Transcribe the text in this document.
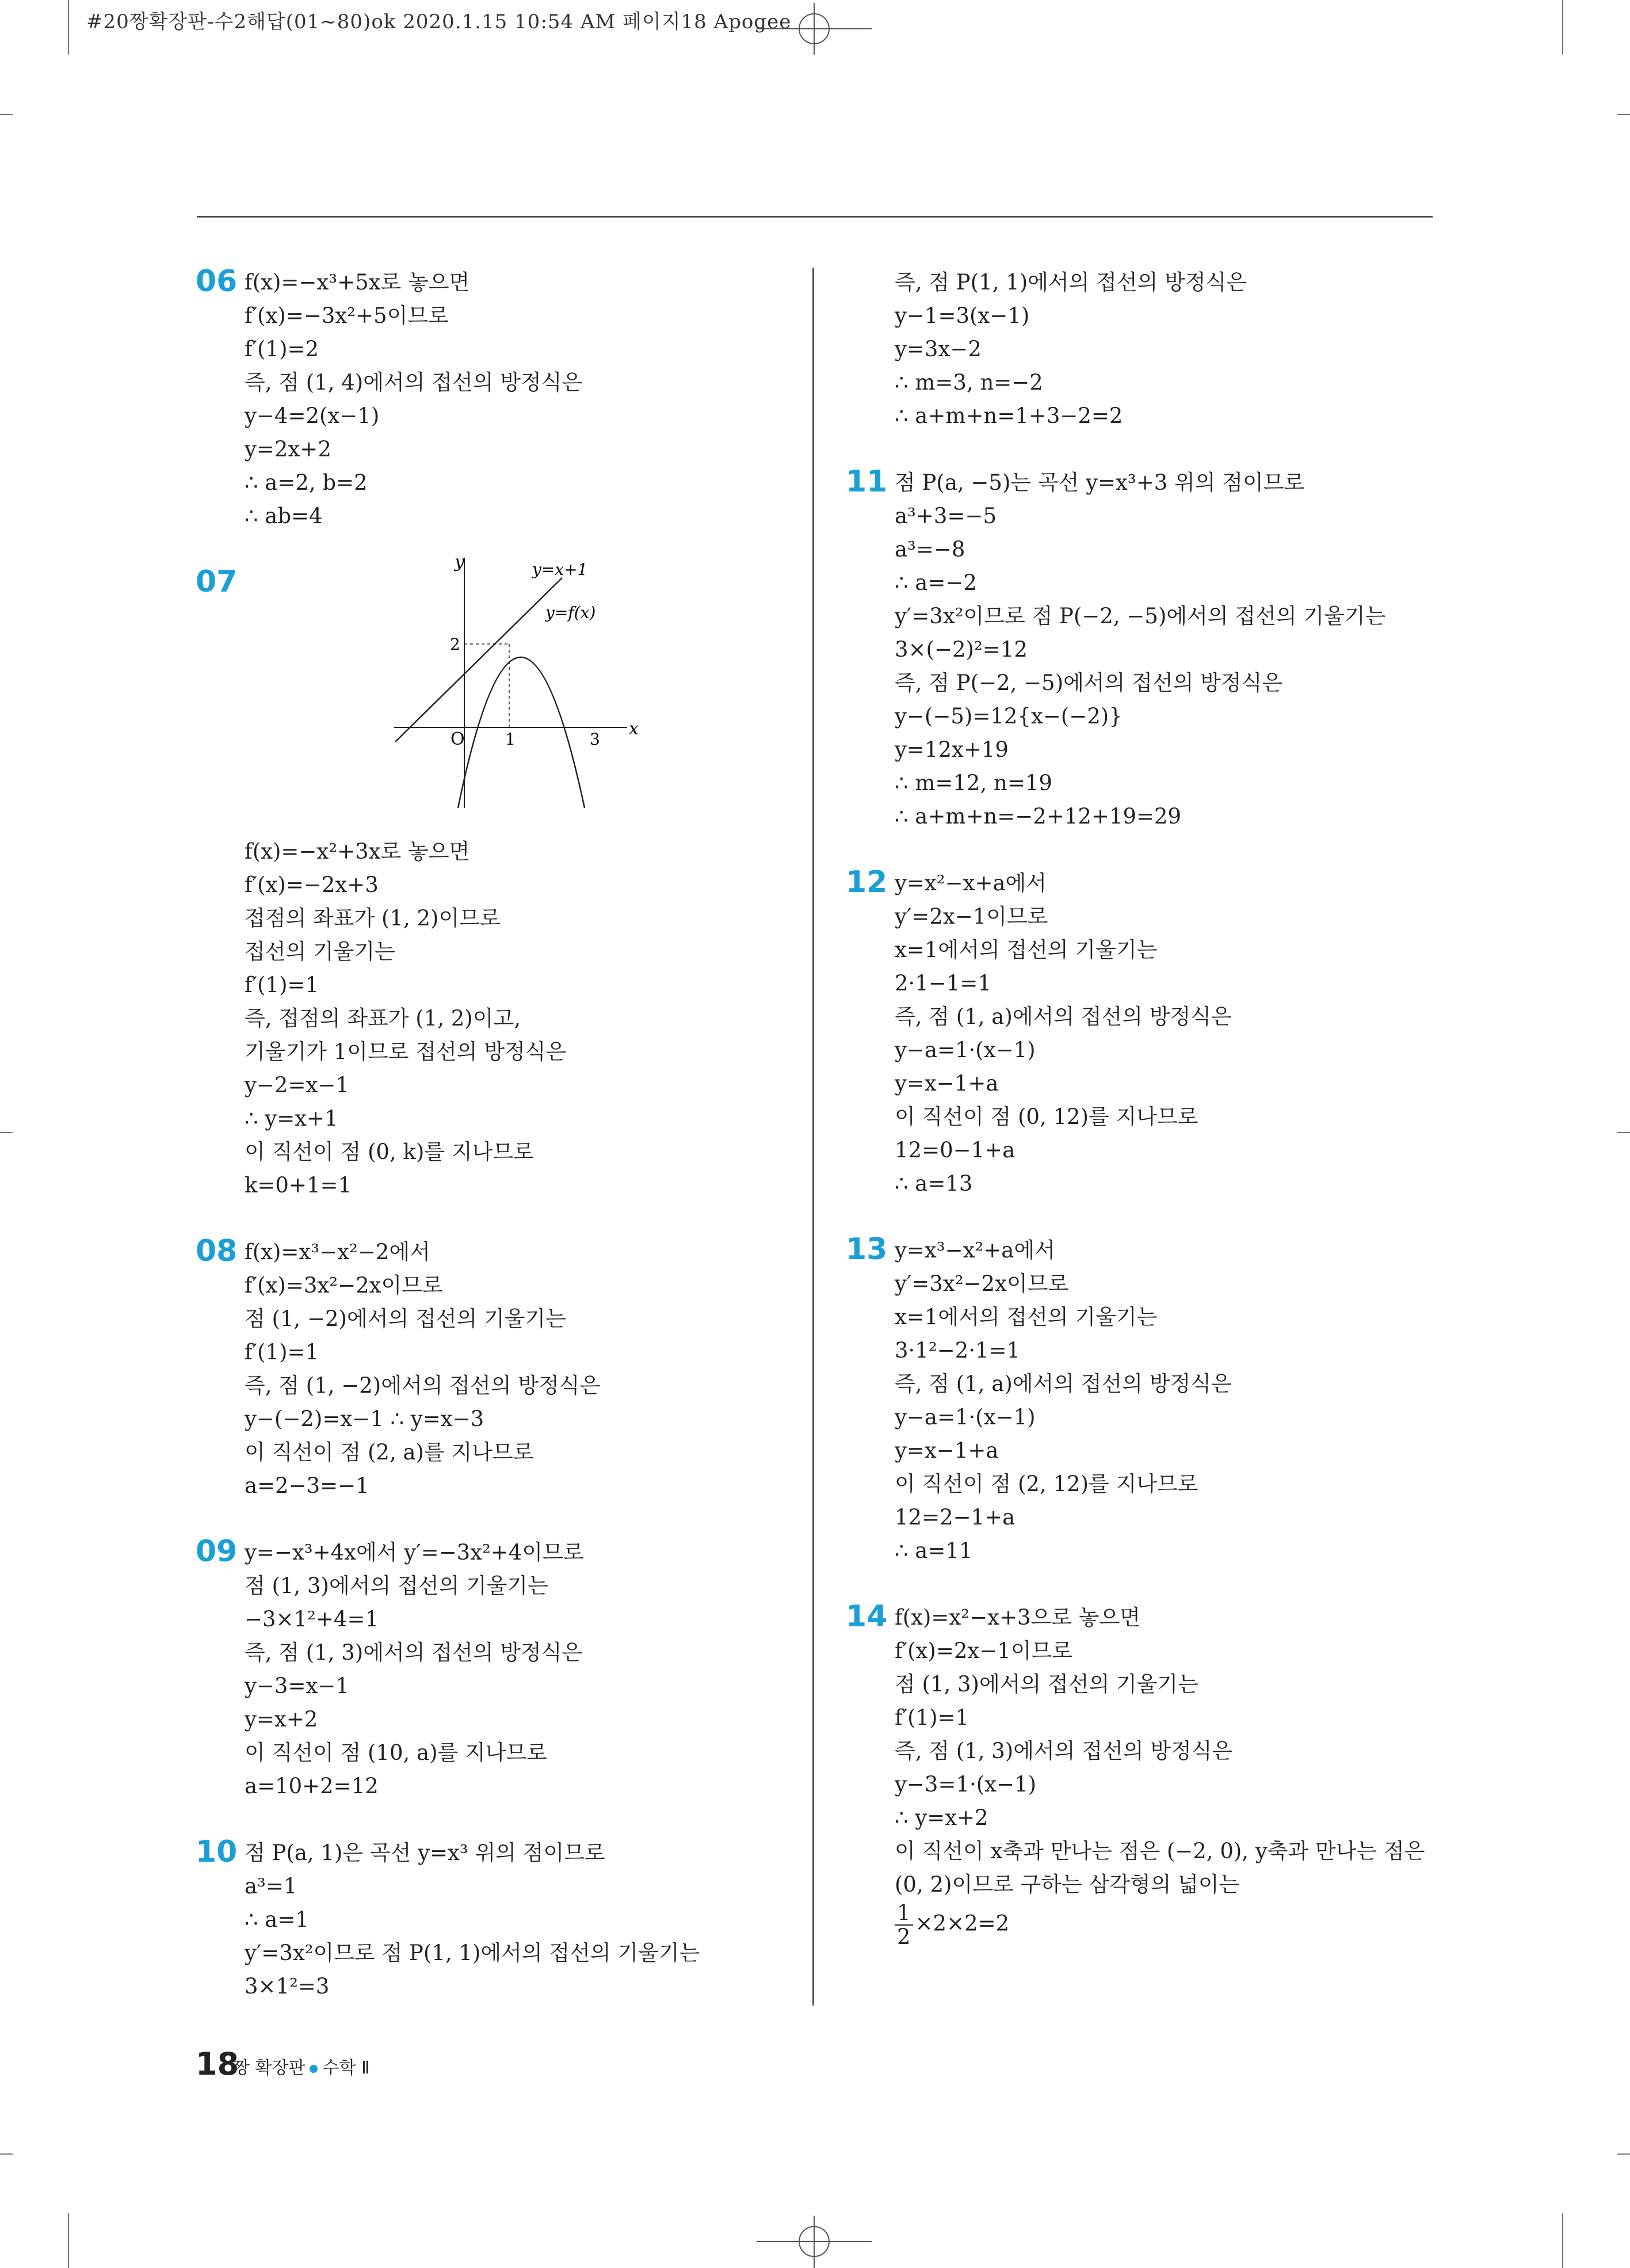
#20짱확장판-수2해답(01~80)ok 2020.1.15 10:54 AM 페이지18 Apogee
06 f(x)=−x³+5x로 놓으면
f′(x)=−3x²+5이므로
f′(1)=2
즉, 점 (1, 4)에서의 접선의 방정식은
y−4=2(x−1)
y=2x+2
∴ a=2, b=2
∴ ab=4
07
y
x
O	1	3
2
y=x+1
y=f(x)
f(x)=−x²+3x로 놓으면
f′(x)=−2x+3
접점의 좌표가 (1, 2)이므로
접선의 기울기는
f′(1)=1
즉, 접점의 좌표가 (1, 2)이고,
기울기가 1이므로 접선의 방정식은
y−2=x−1
∴ y=x+1
이 직선이 점 (0, k)를 지나므로
k=0+1=1
08 f(x)=x³−x²−2에서
f′(x)=3x²−2x이므로
점 (1, −2)에서의 접선의 기울기는
f′(1)=1
즉, 점 (1, −2)에서의 접선의 방정식은
y−(−2)=x−1 ∴ y=x−3
이 직선이 점 (2, a)를 지나므로
a=2−3=−1
09 y=−x³+4x에서 y′=−3x²+4이므로
점 (1, 3)에서의 접선의 기울기는
−3×1²+4=1
즉, 점 (1, 3)에서의 접선의 방정식은
y−3=x−1
y=x+2
이 직선이 점 (10, a)를 지나므로
a=10+2=12
10 점 P(a, 1)은 곡선 y=x³ 위의 점이므로
a³=1
∴ a=1
y′=3x²이므로 점 P(1, 1)에서의 접선의 기울기는
3×1²=3
즉, 점 P(1, 1)에서의 접선의 방정식은
y−1=3(x−1)
y=3x−2
∴ m=3, n=−2
∴ a+m+n=1+3−2=2
11 점 P(a, −5)는 곡선 y=x³+3 위의 점이므로
a³+3=−5
a³=−8
∴ a=−2
y′=3x²이므로 점 P(−2, −5)에서의 접선의 기울기는
3×(−2)²=12
즉, 점 P(−2, −5)에서의 접선의 방정식은
y−(−5)=12{x−(−2)}
y=12x+19
∴ m=12, n=19
∴ a+m+n=−2+12+19=29
12 y=x²−x+a에서
y′=2x−1이므로
x=1에서의 접선의 기울기는
2·1−1=1
즉, 점 (1, a)에서의 접선의 방정식은
y−a=1·(x−1)
y=x−1+a
이 직선이 점 (0, 12)를 지나므로
12=0−1+a
∴ a=13
13 y=x³−x²+a에서
y′=3x²−2x이므로
x=1에서의 접선의 기울기는
3·1²−2·1=1
즉, 점 (1, a)에서의 접선의 방정식은
y−a=1·(x−1)
y=x−1+a
이 직선이 점 (2, 12)를 지나므로
12=2−1+a
∴ a=11
14 f(x)=x²−x+3으로 놓으면
f′(x)=2x−1이므로
점 (1, 3)에서의 접선의 기울기는
f′(1)=1
즉, 점 (1, 3)에서의 접선의 방정식은
y−3=1·(x−1)
∴ y=x+2
이 직선이 x축과 만나는 점은 (−2, 0), y축과 만나는 점은
(0, 2)이므로 구하는 삼각형의 넓이는
$\frac{1}{2} \times 2\times 2=2$
18
짱 확장판 수학 Ⅱ
